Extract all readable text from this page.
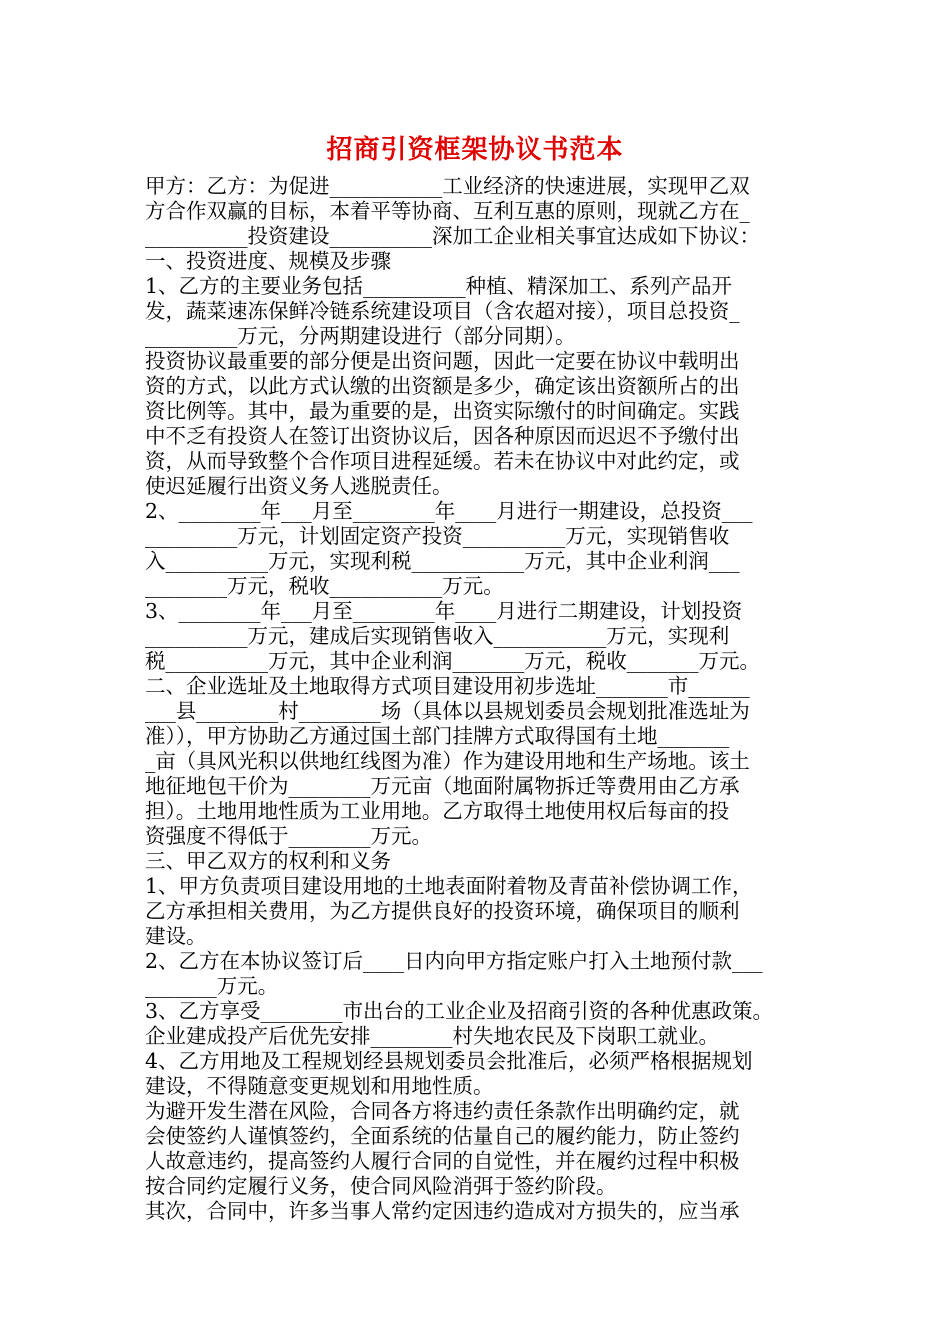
招商引资框架协议书范本

甲方：乙方：为促进___________工业经济的快速进展，实现甲乙双

方合作双赢的目标，本着平等协商、互利互惠的原则，现就乙方在_

__________投资建设__________深加工企业相关事宜达成如下协议：

一、投资进度、规模及步骤

1、乙方的主要业务包括__________种植、精深加工、系列产品开

发，蔬菜速冻保鲜冷链系统建设项目（含农超对接），项目总投资_

_________万元，分两期建设进行（部分同期）。

投资协议最重要的部分便是出资问题，因此一定要在协议中载明出

资的方式，以此方式认缴的出资额是多少，确定该出资额所占的出

资比例等。其中，最为重要的是，出资实际缴付的时间确定。实践

中不乏有投资人在签订出资协议后，因各种原因而迟迟不予缴付出

资，从而导致整个合作项目进程延缓。若未在协议中对此约定，或

使迟延履行出资义务人逃脱责任。

2、________年___月至________年____月进行一期建设，总投资___

_________万元，计划固定资产投资__________万元，实现销售收

入__________万元，实现利税___________万元，其中企业利润___

________万元，税收___________万元。

3、________年___月至________年____月进行二期建设，计划投资

__________万元，建成后实现销售收入___________万元，实现利

税__________万元，其中企业利润_______万元，税收_______万元。

二、企业选址及土地取得方式项目建设用初步选址_______市______

___县________村________场（具体以县规划委员会规划批准选址为

准）），甲方协助乙方通过国土部门挂牌方式取得国有土地_______

_亩（具风光积以供地红线图为准）作为建设用地和生产场地。该土

地征地包干价为________万元亩（地面附属物拆迁等费用由乙方承

担）。土地用地性质为工业用地。乙方取得土地使用权后每亩的投

资强度不得低于________万元。

三、甲乙双方的权利和义务

1、甲方负责项目建设用地的土地表面附着物及青苗补偿协调工作，

乙方承担相关费用，为乙方提供良好的投资环境，确保项目的顺利

建设。

2、乙方在本协议签订后____日内向甲方指定账户打入土地预付款___

_______万元。

3、乙方享受________市出台的工业企业及招商引资的各种优惠政策。

企业建成投产后优先安排________村失地农民及下岗职工就业。

4、乙方用地及工程规划经县规划委员会批准后，必须严格根据规划

建设，不得随意变更规划和用地性质。

为避开发生潜在风险，合同各方将违约责任条款作出明确约定，就

会使签约人谨慎签约，全面系统的估量自己的履约能力，防止签约

人故意违约，提高签约人履行合同的自觉性，并在履约过程中积极

按合同约定履行义务，使合同风险消弭于签约阶段。

其次，合同中，许多当事人常约定因违约造成对方损失的，应当承
